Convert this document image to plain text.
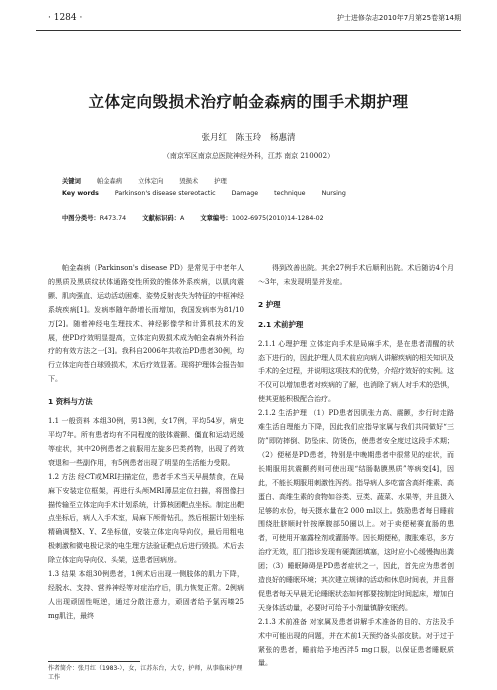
· 1284 ·	护士进修杂志2010年7月第25卷第14期
立体定向毁损术治疗帕金森病的围手术期护理
张月红 陈玉玲 杨惠清
（南京军区南京总医院神经外科，江苏 南京 210002）
关键词	帕金森病	立体定向	毁损术	护理
Key words	Parkinson's disease stereotactic	Damage	technique	Nursing
中图分类号：R473.74	文献标识码：A	文章编号：1002-6975(2010)14-1284-02

帕金森病（Parkinson's disease PD）是常见于中老年人的黑质及黑质纹状体通路变性所致的锥体外系疾病，以肌肉震颤、肌肉强直、运动活动困难、姿势反射丧失为特征的中枢神经系统疾病[1]。发病率随年龄增长而增加，我国发病率为81/10万[2]。随着神经电生理技术、神经影像学和计算机技术的发展，使PD疗效明显提高，立体定向毁损术成为帕金森病外科治疗的有效方法之一[3]。我科自2006年共收治PD患者30例，均行立体定向苍白球毁损术，术后疗效显著。现将护理体会报告如下。

1 资料与方法

1.1 一般资料 本组30例，男13例，女17例，平均54岁，病史平均7年。所有患者均有不同程度的肢体震颤、僵直和运动迟缓等症状，其中20例患者之前服用左旋多巴类药物，出现了药效衰退和一些副作用，有5例患者出现了明显的生活能力受限。

1.2 方法 经CT或MRI扫描定位，患者手术当天早晨禁食，在局麻下安装定位框架，再进行头颅MRI薄层定位扫描，将图像扫描传输至立体定向手术计划系统，计算核团靶点坐标。制定出靶点坐标后，病人入手术室，局麻下颅骨钻孔，然后根据计划坐标精确调整X、Y、Z坐标值，安装立体定向导向仪，最后用粗电极刺激和微电极记录的电生理方法验证靶点后进行毁损。术后去除立体定向导向仪、头架，送患者回病房。

1.3 结果 本组30例患者，1例术后出现一侧肢体的肌力下降，经脱水、支持、营养神经等对症治疗后，肌力恢复正常。2例病人出现顽固性呃逆，通过分散注意力，顽固者给予氯丙嗪25 mg肌注，最终

得到改善出院。其余27例手术后顺利出院。术后随访4个月～3年，未发现明显并发症。

2 护理
2.1 术前护理

2.1.1 心理护理 立体定向手术是局麻手术，是在患者清醒的状态下进行的，因此护理人员术前应向病人讲解疾病的相关知识及手术的全过程，并说明这项技术的优势，介绍疗效好的实例。这不仅可以增加患者对疾病的了解，也消除了病人对手术的恐惧，使其更能积极配合治疗。

2.1.2 生活护理 （1）PD患者因肌张力高、震颤，步行时走路难生活自理能力下降，因此我们应指导家属与我们共同做好“三防”即防摔倒、防坠床、防烫伤，使患者安全度过这段手术期；（2）便秘是PD患者，特别是中晚期患者中很常见的症状，而长期服用抗震颤药则可使出现“结肠黏膜黑质”等病变[4]，因此，不能长期服用刺激性泻药。指导病人多吃富含高纤维素、高蛋白、高维生素的食物如谷类、豆类、蔬菜、水果等，并且摄入足够的水份，每天摄水量在2 000 ml以上。鼓励患者每日睡前围绕肚脐顺时针按摩腹部50圈以上。对于卖便秘赛直肠的患者，可使用开塞露栓剂或灌肠等。因长期便秘，腹胀难忍，多方治疗无效，肛门指诊发现有硬粪团填塞，这时应小心缓慢掏出粪团；（3）睡眠障碍是PD患者症状之一，因此，首先应为患者创造良好的睡眠环境；其次建立规律的活动和休息时间表，并且督促患者每天早晨无论睡眠状态如何都要按制定时间起床，增加白天身体活动量，必要时可给予小剂量镇静安眠药。

2.1.3 术前准备 对家属及患者讲解手术准备的目的、方法及手术中可能出现的问题，并在术前1天预约备头部皮肤。对于过于紧张的患者，睡前给予地西泮5 mg口服，以保证患者睡眠质量。

作者简介：张月红（1983-），女，江苏东台，大专，护师，从事临床护理工作
